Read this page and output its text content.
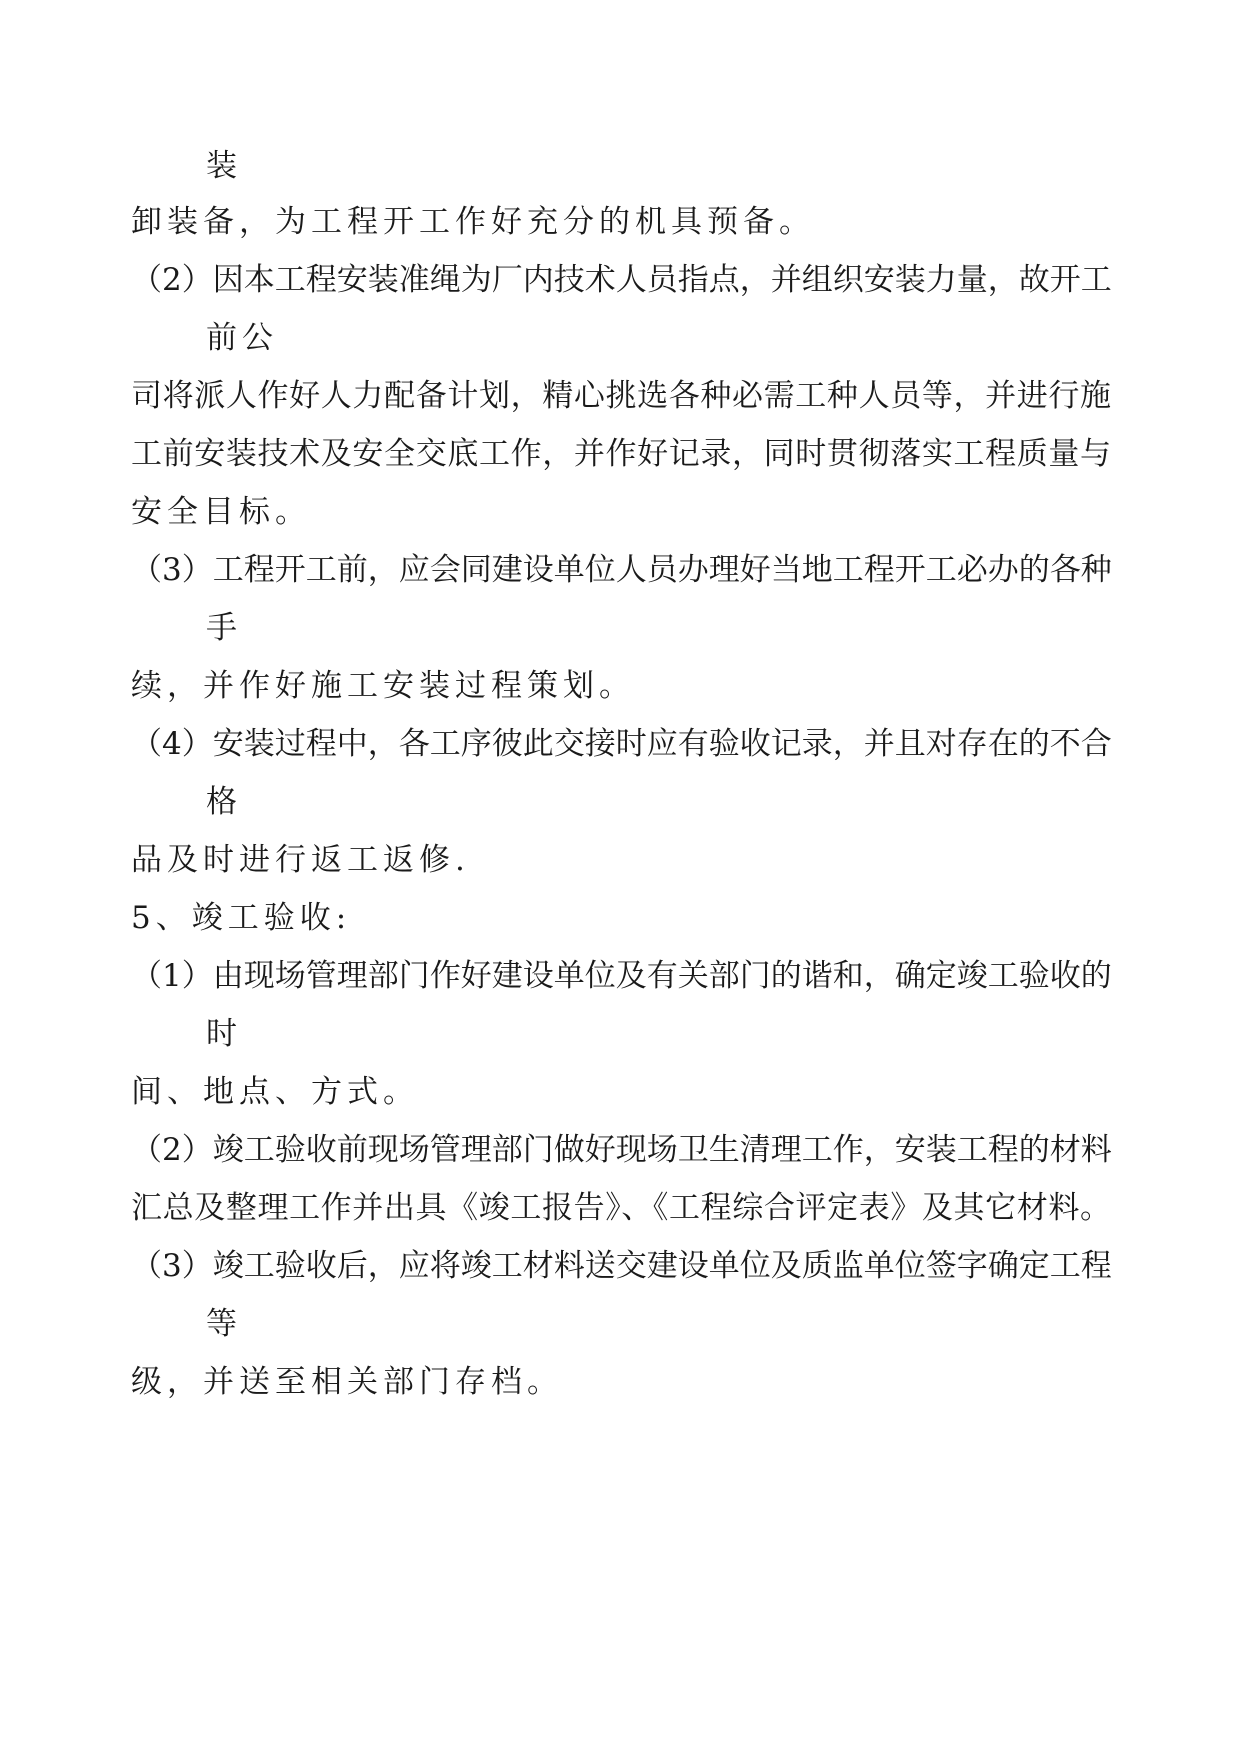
装

卸装备，为工程开工作好充分的机具预备。

（2）因本工程安装准绳为厂内技术人员指点，并组织安装力量，故开工

前公

司将派人作好人力配备计划，精心挑选各种必需工种人员等，并进行施

工前安装技术及安全交底工作，并作好记录，同时贯彻落实工程质量与

安全目标。

（3）工程开工前，应会同建设单位人员办理好当地工程开工必办的各种

手

续，并作好施工安装过程策划。

（4）安装过程中，各工序彼此交接时应有验收记录，并且对存在的不合

格

品及时进行返工返修.

5、竣工验收:

（1）由现场管理部门作好建设单位及有关部门的谐和，确定竣工验收的

时

间、地点、方式。

（2）竣工验收前现场管理部门做好现场卫生清理工作，安装工程的材料

汇总及整理工作并出具《竣工报告》、《工程综合评定表》及其它材料。

（3）竣工验收后，应将竣工材料送交建设单位及质监单位签字确定工程

等

级，并送至相关部门存档。
